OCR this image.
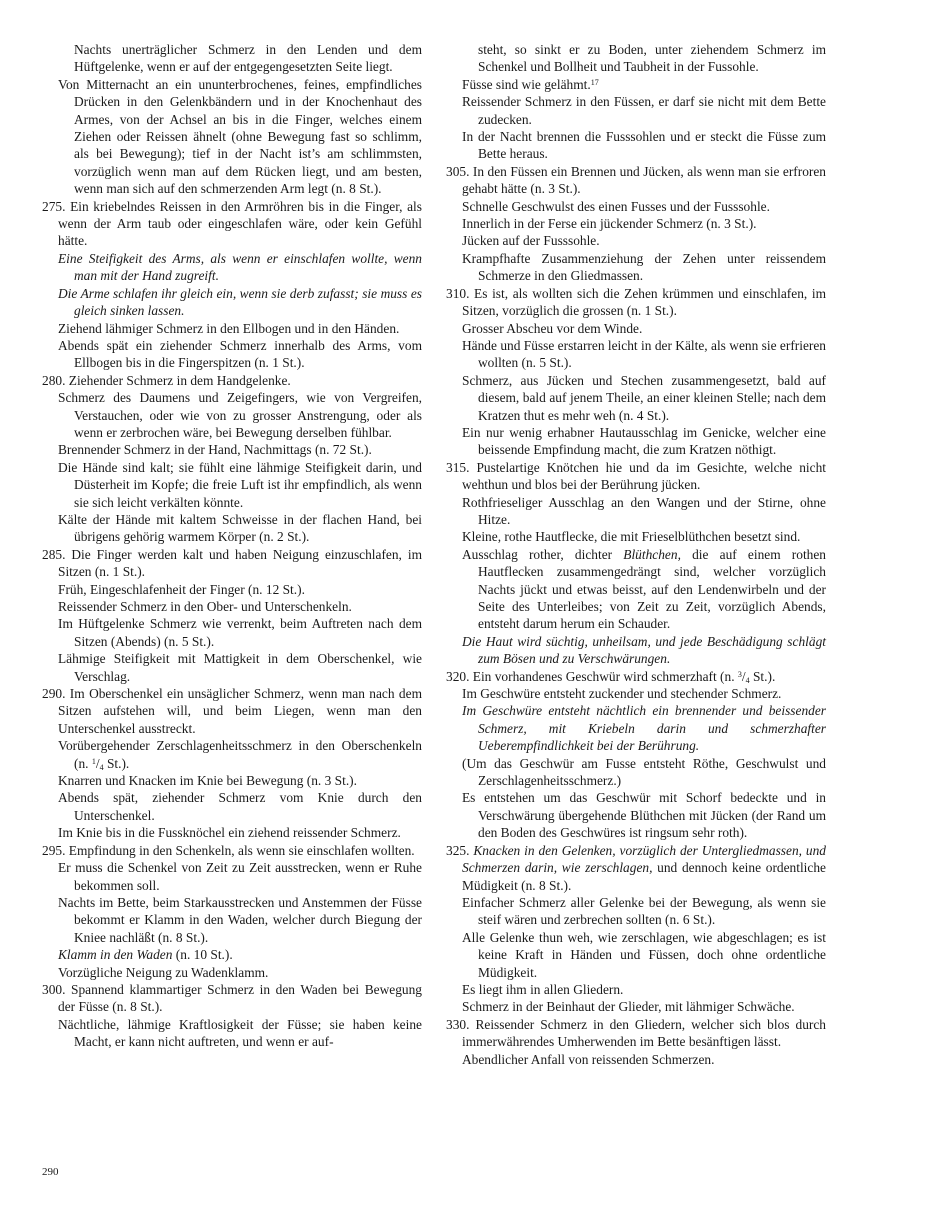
Nachts unerträglicher Schmerz in den Lenden und dem Hüftgelenke, wenn er auf der entgegengesetzten Seite liegt.

Von Mitternacht an ein ununterbrochenes, feines, empfindliches Drücken in den Gelenkbändern und in der Knochenhaut des Armes, von der Achsel an bis in die Finger, welches einem Ziehen oder Reissen ähnelt (ohne Bewegung fast so schlimm, als bei Bewegung); tief in der Nacht ist’s am schlimmsten, vorzüglich wenn man auf dem Rücken liegt, und am besten, wenn man sich auf den schmerzenden Arm legt (n. 8 St.).

275. Ein kriebelndes Reissen in den Armröhren bis in die Finger, als wenn der Arm taub oder eingeschlafen wäre, oder kein Gefühl hätte.

Eine Steifigkeit des Arms, als wenn er einschlafen wollte, wenn man mit der Hand zugreift.

Die Arme schlafen ihr gleich ein, wenn sie derb zufasst; sie muss es gleich sinken lassen.

Ziehend lähmiger Schmerz in den Ellbogen und in den Händen.

Abends spät ein ziehender Schmerz innerhalb des Arms, vom Ellbogen bis in die Fingerspitzen (n. 1 St.).

280. Ziehender Schmerz in dem Handgelenke.

Schmerz des Daumens und Zeigefingers, wie von Vergreifen, Verstauchen, oder wie von zu grosser Anstrengung, oder als wenn er zerbrochen wäre, bei Bewegung derselben fühlbar.

Brennender Schmerz in der Hand, Nachmittags (n. 72 St.).

Die Hände sind kalt; sie fühlt eine lähmige Steifigkeit darin, und Düsterheit im Kopfe; die freie Luft ist ihr empfindlich, als wenn sie sich leicht verkälten könnte.

Kälte der Hände mit kaltem Schweisse in der flachen Hand, bei übrigens gehörig warmem Körper (n. 2 St.).

285. Die Finger werden kalt und haben Neigung einzuschlafen, im Sitzen (n. 1 St.).

Früh, Eingeschlafenheit der Finger (n. 12 St.).

Reissender Schmerz in den Ober- und Unterschenkeln.

Im Hüftgelenke Schmerz wie verrenkt, beim Auftreten nach dem Sitzen (Abends) (n. 5 St.).

Lähmige Steifigkeit mit Mattigkeit in dem Oberschenkel, wie Verschlag.

290. Im Oberschenkel ein unsäglicher Schmerz, wenn man nach dem Sitzen aufstehen will, und beim Liegen, wenn man den Unterschenkel ausstreckt.

Vorübergehender Zerschlagenheitsschmerz in den Oberschenkeln (n. $^1/_4$ St.).

Knarren und Knacken im Knie bei Bewegung (n. 3 St.).

Abends spät, ziehender Schmerz vom Knie durch den Unterschenkel.

Im Knie bis in die Fussknöchel ein ziehend reissender Schmerz.

295. Empfindung in den Schenkeln, als wenn sie einschlafen wollten.

Er muss die Schenkel von Zeit zu Zeit ausstrecken, wenn er Ruhe bekommen soll.

Nachts im Bette, beim Starkausstrecken und Anstemmen der Füsse bekommt er Klamm in den Waden, welcher durch Biegung der Kniee nachläßt (n. 8 St.).

Klamm in den Waden (n. 10 St.).

Vorzügliche Neigung zu Wadenklamm.

300. Spannend klammartiger Schmerz in den Waden bei Bewegung der Füsse (n. 8 St.).

Nächtliche, lähmige Kraftlosigkeit der Füsse; sie haben keine Macht, er kann nicht auftreten, und wenn er auf-

steht, so sinkt er zu Boden, unter ziehendem Schmerz im Schenkel und Bollheit und Taubheit in der Fussohle.

Füsse sind wie gelähmt.$^{17}$

Reissender Schmerz in den Füssen, er darf sie nicht mit dem Bette zudecken.

In der Nacht brennen die Fusssohlen und er steckt die Füsse zum Bette heraus.

305. In den Füssen ein Brennen und Jücken, als wenn man sie erfroren gehabt hätte (n. 3 St.).

Schnelle Geschwulst des einen Fusses und der Fusssohle.

Innerlich in der Ferse ein jückender Schmerz (n. 3 St.).

Jücken auf der Fusssohle.

Krampfhafte Zusammenziehung der Zehen unter reissendem Schmerze in den Gliedmassen.

310. Es ist, als wollten sich die Zehen krümmen und einschlafen, im Sitzen, vorzüglich die grossen (n. 1 St.).

Grosser Abscheu vor dem Winde.

Hände und Füsse erstarren leicht in der Kälte, als wenn sie erfrieren wollten (n. 5 St.).

Schmerz, aus Jücken und Stechen zusammengesetzt, bald auf diesem, bald auf jenem Theile, an einer kleinen Stelle; nach dem Kratzen thut es mehr weh (n. 4 St.).

Ein nur wenig erhabner Hautausschlag im Genicke, welcher eine beissende Empfindung macht, die zum Kratzen nöthigt.

315. Pustelartige Knötchen hie und da im Gesichte, welche nicht wehthun und blos bei der Berührung jücken.

Rothfrieseliger Ausschlag an den Wangen und der Stirne, ohne Hitze.

Kleine, rothe Hautflecke, die mit Frieselblüthchen besetzt sind.

Ausschlag rother, dichter Blüthchen, die auf einem rothen Hautflecken zusammengedrängt sind, welcher vorzüglich Nachts jückt und etwas beisst, auf den Lendenwirbeln und der Seite des Unterleibes; von Zeit zu Zeit, vorzüglich Abends, entsteht darum herum ein Schauder.

Die Haut wird süchtig, unheilsam, und jede Beschädigung schlägt zum Bösen und zu Verschwärungen.

320. Ein vorhandenes Geschwür wird schmerzhaft (n. $^3/_4$ St.).

Im Geschwüre entsteht zuckender und stechender Schmerz.

Im Geschwüre entsteht nächtlich ein brennender und beissender Schmerz, mit Kriebeln darin und schmerzhafter Ueberempfindlichkeit bei der Berührung.

(Um das Geschwür am Fusse entsteht Röthe, Geschwulst und Zerschlagenheitsschmerz.)

Es entstehen um das Geschwür mit Schorf bedeckte und in Verschwärung übergehende Blüthchen mit Jücken (der Rand um den Boden des Geschwüres ist ringsum sehr roth).

325. Knacken in den Gelenken, vorzüglich der Untergliedmassen, und Schmerzen darin, wie zerschlagen, und dennoch keine ordentliche Müdigkeit (n. 8 St.).

Einfacher Schmerz aller Gelenke bei der Bewegung, als wenn sie steif wären und zerbrechen sollten (n. 6 St.).

Alle Gelenke thun weh, wie zerschlagen, wie abgeschlagen; es ist keine Kraft in Händen und Füssen, doch ohne ordentliche Müdigkeit.

Es liegt ihm in allen Gliedern.

Schmerz in der Beinhaut der Glieder, mit lähmiger Schwäche.

330. Reissender Schmerz in den Gliedern, welcher sich blos durch immerwährendes Umherwenden im Bette besänftigen lässt.

Abendlicher Anfall von reissenden Schmerzen.

290
